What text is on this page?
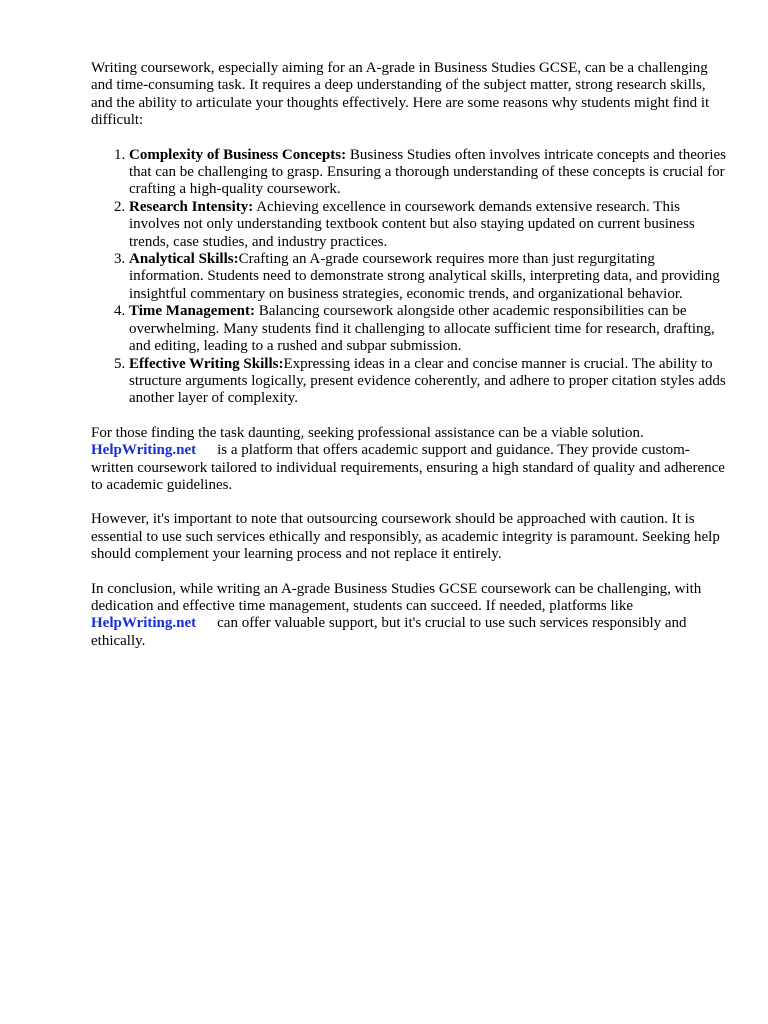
Writing coursework, especially aiming for an A-grade in Business Studies GCSE, can be a challenging and time-consuming task. It requires a deep understanding of the subject matter, strong research skills, and the ability to articulate your thoughts effectively. Here are some reasons why students might find it difficult:

1. Complexity of Business Concepts: Business Studies often involves intricate concepts and theories that can be challenging to grasp. Ensuring a thorough understanding of these concepts is crucial for crafting a high-quality coursework.
2. Research Intensity: Achieving excellence in coursework demands extensive research. This involves not only understanding textbook content but also staying updated on current business trends, case studies, and industry practices.
3. Analytical Skills:Crafting an A-grade coursework requires more than just regurgitating information. Students need to demonstrate strong analytical skills, interpreting data, and providing insightful commentary on business strategies, economic trends, and organizational behavior.
4. Time Management: Balancing coursework alongside other academic responsibilities can be overwhelming. Many students find it challenging to allocate sufficient time for research, drafting, and editing, leading to a rushed and subpar submission.
5. Effective Writing Skills:Expressing ideas in a clear and concise manner is crucial. The ability to structure arguments logically, present evidence coherently, and adhere to proper citation styles adds another layer of complexity.

For those finding the task daunting, seeking professional assistance can be a viable solution. HelpWriting.net is a platform that offers academic support and guidance. They provide custom-written coursework tailored to individual requirements, ensuring a high standard of quality and adherence to academic guidelines.

However, it's important to note that outsourcing coursework should be approached with caution. It is essential to use such services ethically and responsibly, as academic integrity is paramount. Seeking help should complement your learning process and not replace it entirely.

In conclusion, while writing an A-grade Business Studies GCSE coursework can be challenging, with dedication and effective time management, students can succeed. If needed, platforms like HelpWriting.net can offer valuable support, but it's crucial to use such services responsibly and ethically.
